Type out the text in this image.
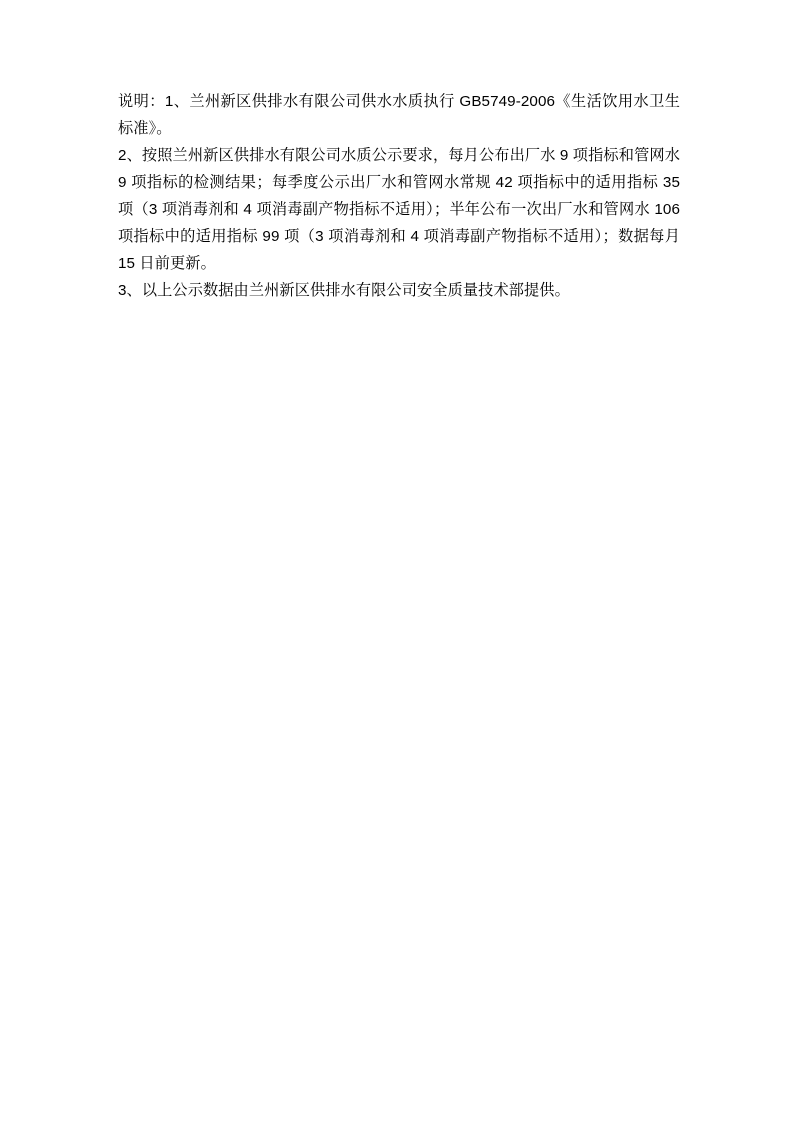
说明：1、兰州新区供排水有限公司供水水质执行 GB5749-2006《生活饮用水卫生标准》。

2、按照兰州新区供排水有限公司水质公示要求，每月公布出厂水 9 项指标和管网水 9 项指标的检测结果；每季度公示出厂水和管网水常规 42 项指标中的适用指标 35 项（3 项消毒剂和 4 项消毒副产物指标不适用）；半年公布一次出厂水和管网水 106 项指标中的适用指标 99 项（3 项消毒剂和 4 项消毒副产物指标不适用）；数据每月 15 日前更新。

3、以上公示数据由兰州新区供排水有限公司安全质量技术部提供。
